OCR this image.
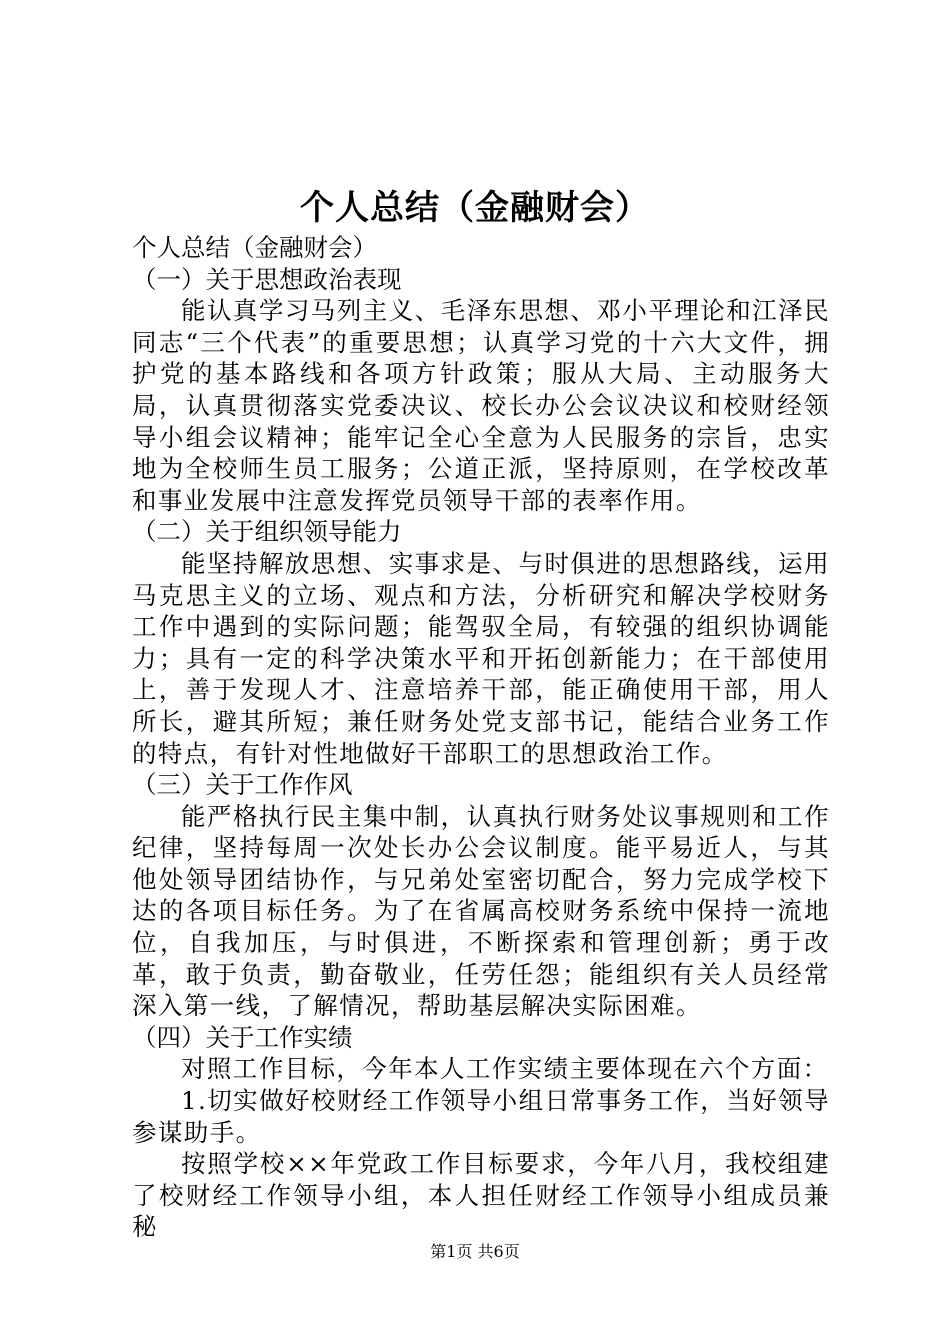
个人总结（金融财会）

个人总结（金融财会）

（一）关于思想政治表现

能认真学习马列主义、毛泽东思想、邓小平理论和江泽民同志“三个代表”的重要思想；认真学习党的十六大文件，拥护党的基本路线和各项方针政策；服从大局、主动服务大局，认真贯彻落实党委决议、校长办公会议决议和校财经领导小组会议精神；能牢记全心全意为人民服务的宗旨，忠实地为全校师生员工服务；公道正派，坚持原则，在学校改革和事业发展中注意发挥党员领导干部的表率作用。

（二）关于组织领导能力

能坚持解放思想、实事求是、与时俱进的思想路线，运用马克思主义的立场、观点和方法，分析研究和解决学校财务工作中遇到的实际问题；能驾驭全局，有较强的组织协调能力；具有一定的科学决策水平和开拓创新能力；在干部使用上，善于发现人才、注意培养干部，能正确使用干部，用人所长，避其所短；兼任财务处党支部书记，能结合业务工作的特点，有针对性地做好干部职工的思想政治工作。

（三）关于工作作风

能严格执行民主集中制，认真执行财务处议事规则和工作纪律，坚持每周一次处长办公会议制度。能平易近人，与其他处领导团结协作，与兄弟处室密切配合，努力完成学校下达的各项目标任务。为了在省属高校财务系统中保持一流地位，自我加压，与时俱进，不断探索和管理创新；勇于改革，敢于负责，勤奋敬业，任劳任怨；能组织有关人员经常深入第一线，了解情况，帮助基层解决实际困难。

（四）关于工作实绩

对照工作目标，今年本人工作实绩主要体现在六个方面：

1.切实做好校财经工作领导小组日常事务工作，当好领导参谋助手。

按照学校××年党政工作目标要求，今年八月，我校组建了校财经工作领导小组，本人担任财经工作领导小组成员兼秘

第1页 共6页
